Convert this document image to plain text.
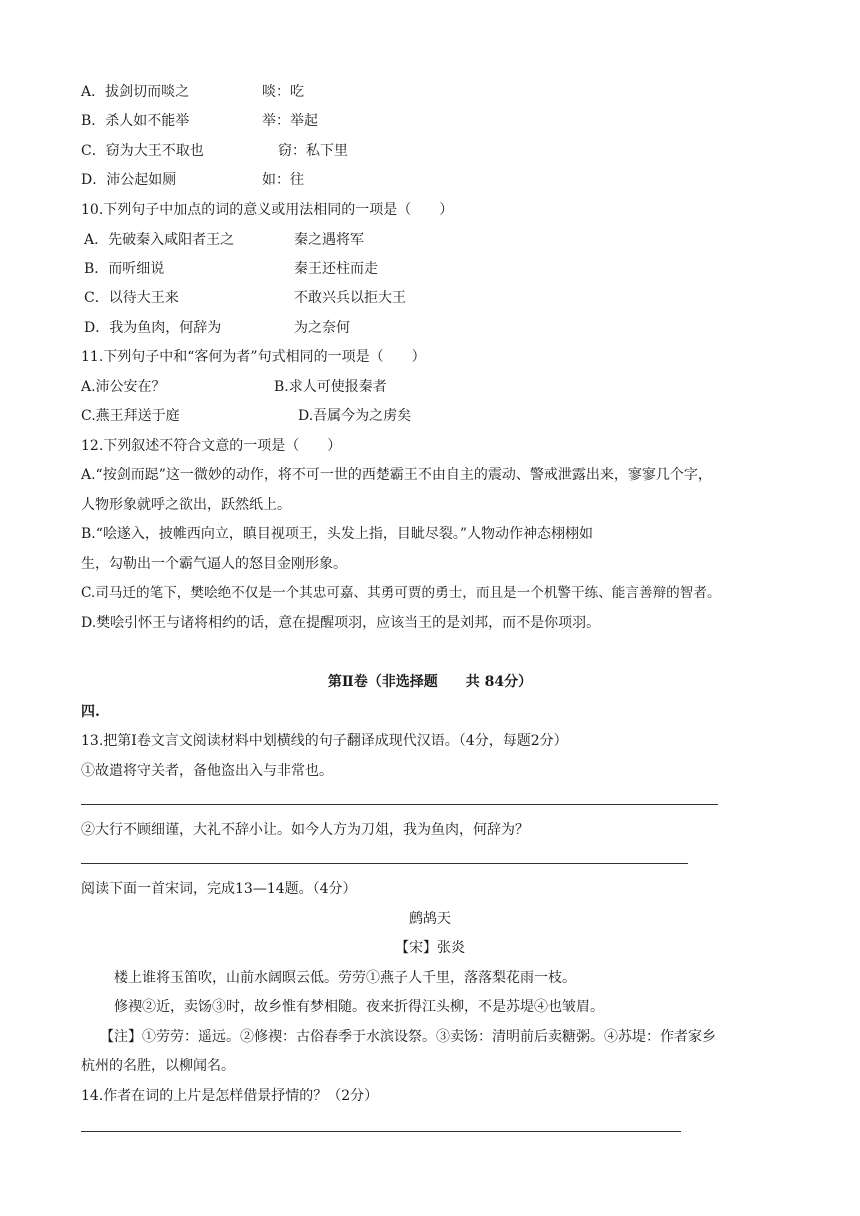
A．拔剑切而啖之	啖：吃
B．杀人如不能举	举：举起
C．窃为大王不取也	窃：私下里
D．沛公起如厕	如：往
10.下列句子中加点的词的意义或用法相同的一项是（　　）
A．先破秦入咸阳者王之	秦之遇将军
B．而听细说	秦王还柱而走
C．以待大王来	不敢兴兵以拒大王
D．我为鱼肉，何辞为	为之奈何
11.下列句子中和“客何为者”句式相同的一项是（　　）
A.沛公安在？	B.求人可使报秦者
C.燕王拜送于庭	D.吾属今为之虏矣
12.下列叙述不符合文意的一项是（　　）
A.“按剑而跽”这一微妙的动作，将不可一世的西楚霸王不由自主的震动、警戒泄露出来，寥寥几个字，
人物形象就呼之欲出，跃然纸上。
B.“哙遂入，披帷西向立，瞋目视项王，头发上指，目眦尽裂。”人物动作神态栩栩如
生，勾勒出一个霸气逼人的怒目金刚形象。
C.司马迁的笔下，樊哙绝不仅是一个其忠可嘉、其勇可贾的勇士，而且是一个机警干练、能言善辩的智者。
D.樊哙引怀王与诸将相约的话，意在提醒项羽，应该当王的是刘邦，而不是你项羽。
第Ⅱ卷（非选择题　　共 84分）
四.
13.把第Ⅰ卷文言文阅读材料中划横线的句子翻译成现代汉语。（4分，每题2分）
①故遣将守关者，备他盗出入与非常也。
②大行不顾细谨，大礼不辞小让。如今人方为刀俎，我为鱼肉，何辞为？
阅读下面一首宋词，完成13—14题。（4分）
鹧鸪天
【宋】张炎
楼上谁将玉笛吹，山前水阔暝云低。劳劳①燕子人千里，落落梨花雨一枝。
修禊②近，卖饧③时，故乡惟有梦相随。夜来折得江头柳，不是苏堤④也皱眉。
【注】①劳劳：遥远。②修禊：古俗春季于水滨设祭。③卖饧：清明前后卖糖粥。④苏堤：作者家乡
杭州的名胜，以柳闻名。
14.作者在词的上片是怎样借景抒情的？（2分）
